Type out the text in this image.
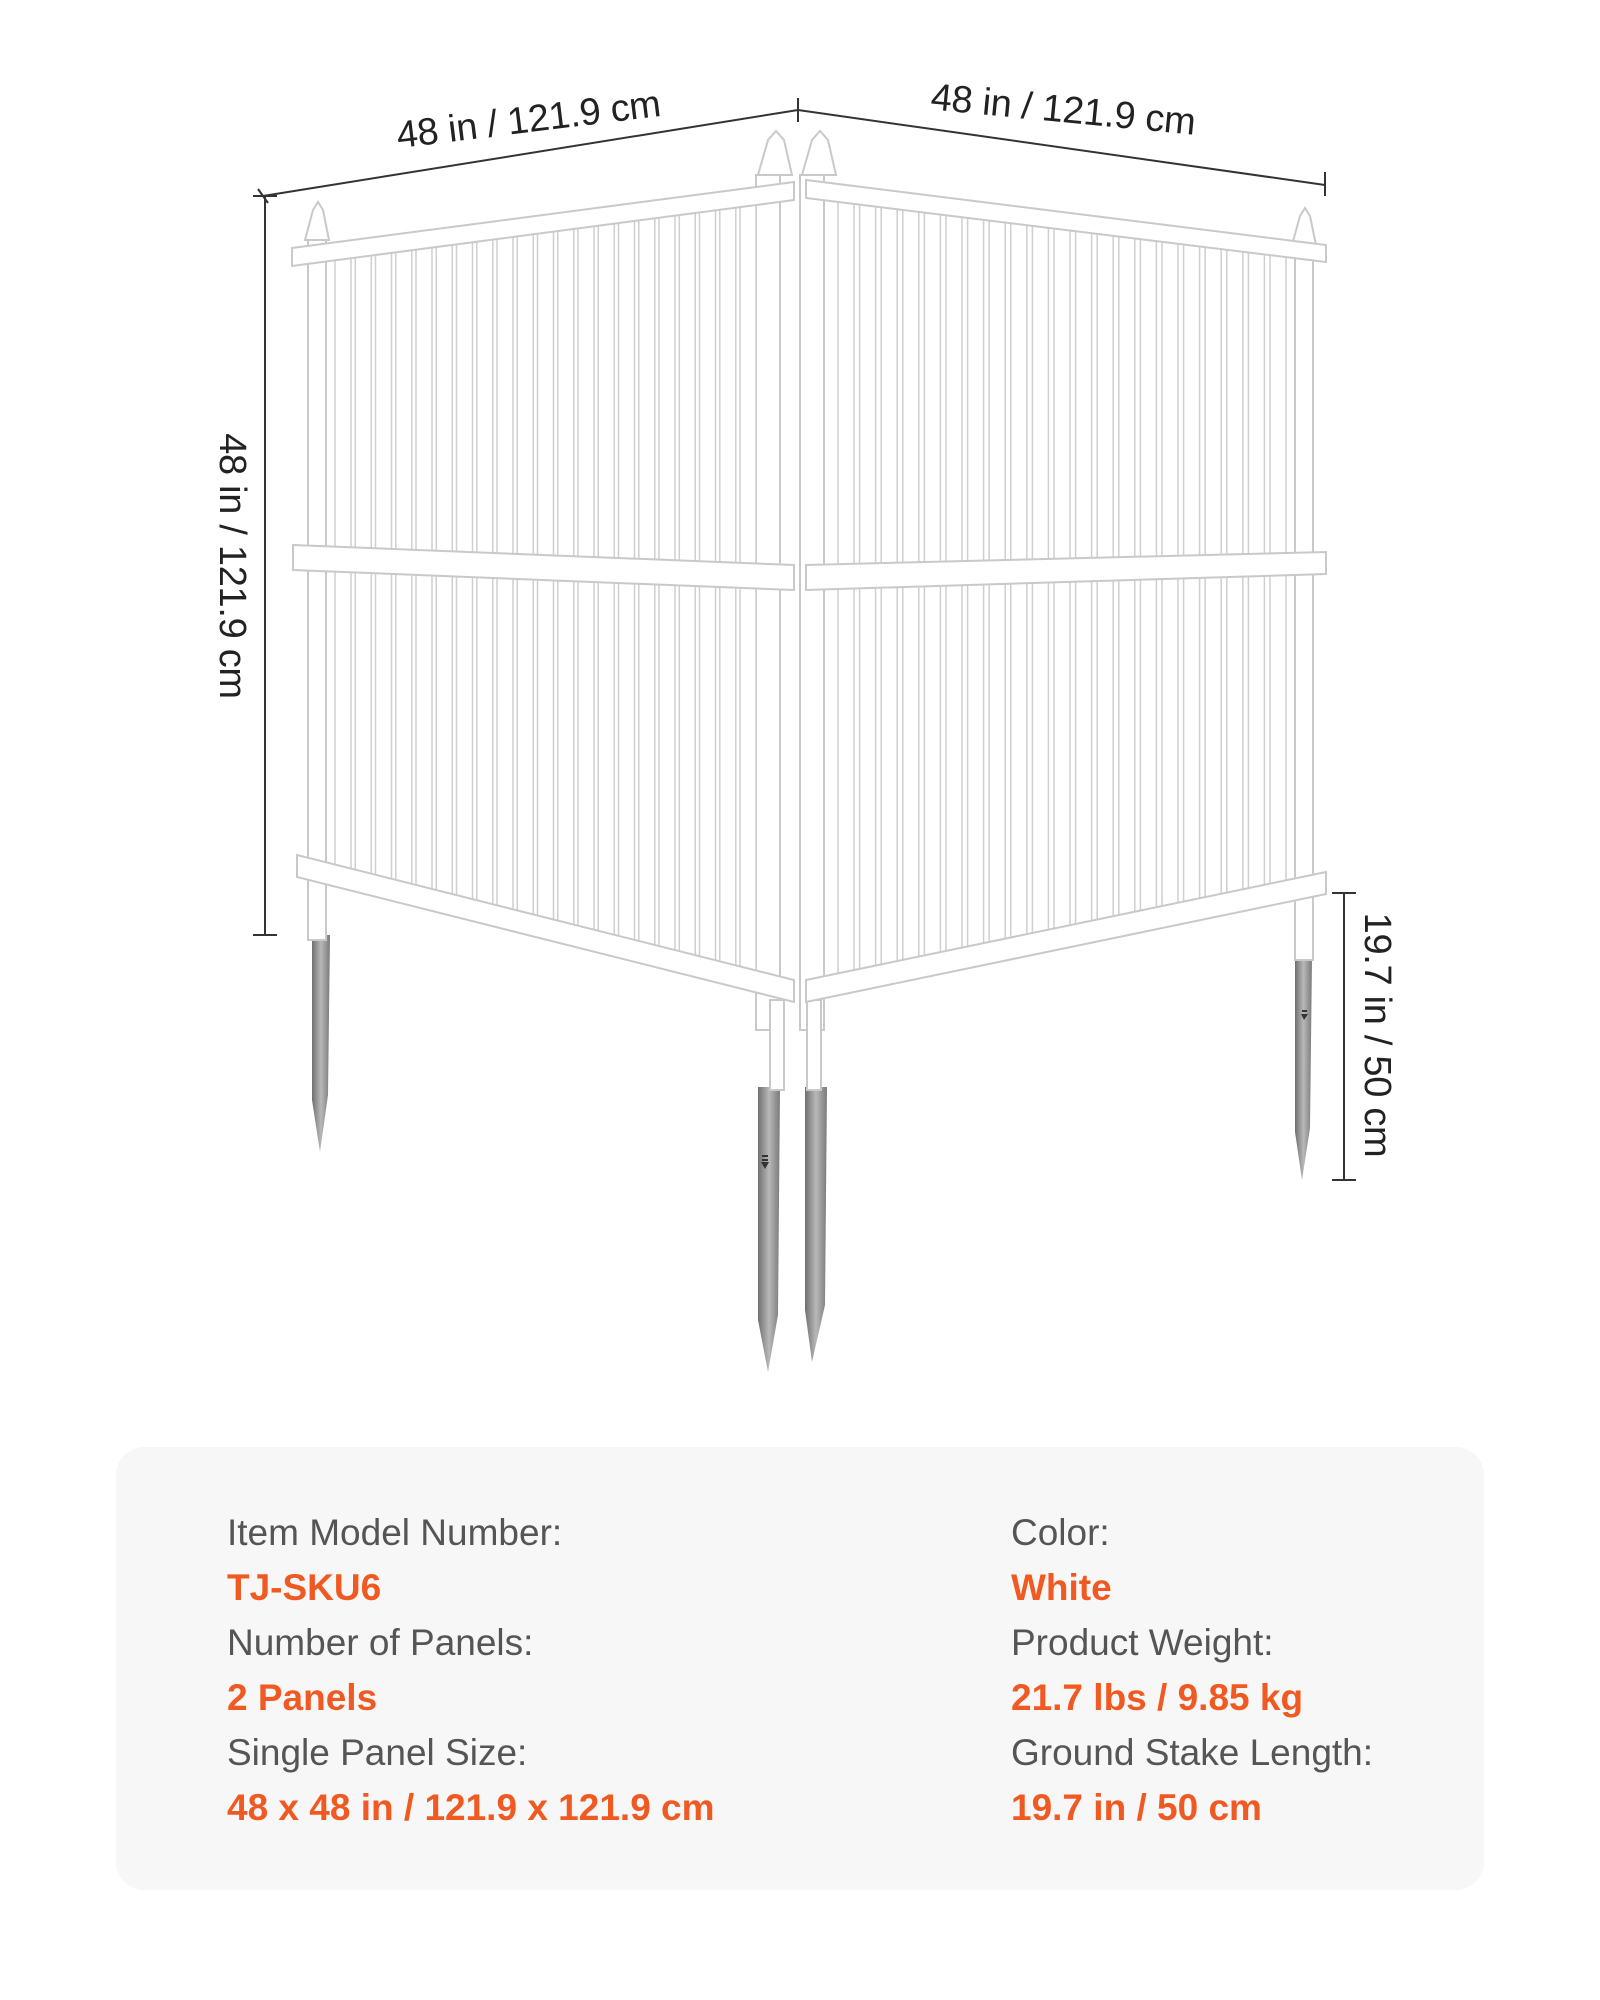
48 in / 121.9 cm	48 in / 121.9 cm
48 in / 121.9 cm
19.7 in / 50 cm
Item Model Number:
TJ-SKU6
Number of Panels:
2 Panels
Single Panel Size:
48 x 48 in / 121.9 x 121.9 cm
Color:
White
Product Weight:
21.7 lbs / 9.85 kg
Ground Stake Length:
19.7 in / 50 cm
